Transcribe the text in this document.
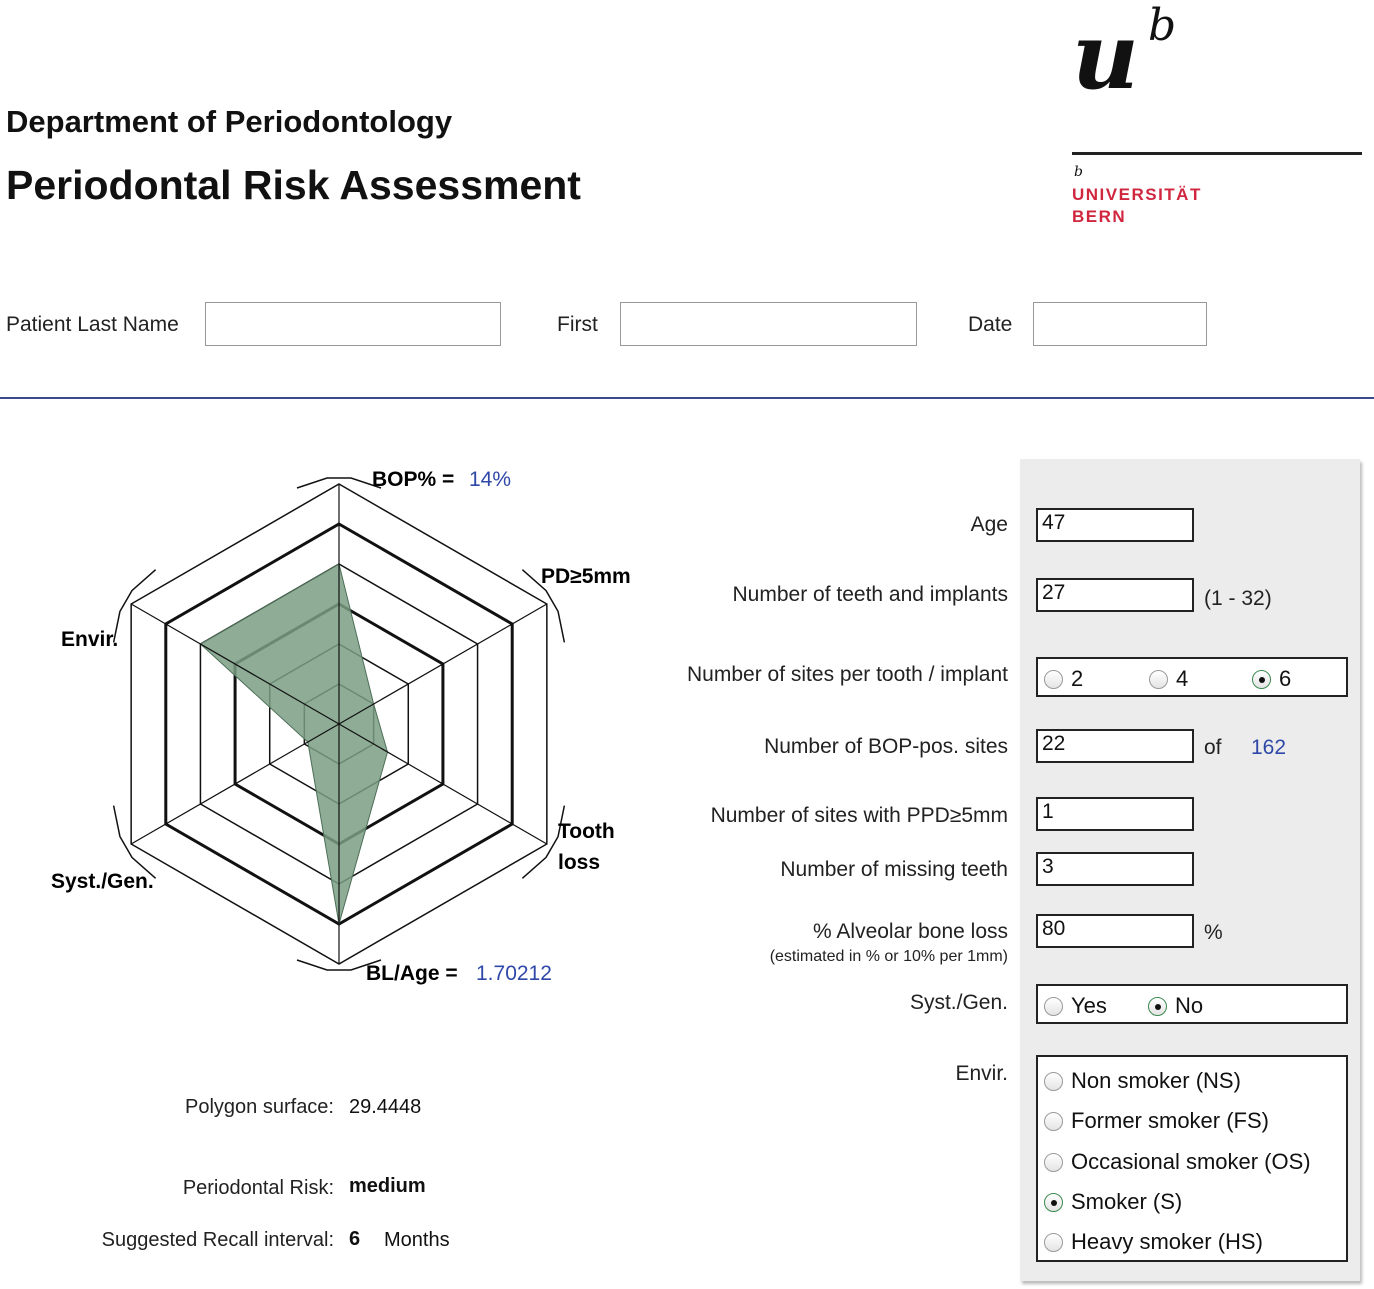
Department of Periodontology
Periodontal Risk Assessment
u b
b
UNIVERSITÄT
BERN
Patient Last Name	First	Date
BOP% = 14%
PD≥5mm
Tooth loss
BL/Age = 1.70212
Syst./Gen.
Envir.
Polygon surface: 29.4448
Periodontal Risk: medium
Suggested Recall interval: 6 Months
Age 47
Number of teeth and implants 27	(1 - 32)
Number of sites per tooth / implant	2	4	6
Number of BOP-pos. sites 22	of 162
Number of sites with PPD≥5mm 1
Number of missing teeth 3
% Alveolar bone loss
(estimated in % or 10% per 1mm)
80	%
Syst./Gen.	Yes	No
Envir.	Non smoker (NS)
Former smoker (FS)
Occasional smoker (OS)
Smoker (S)
Heavy smoker (HS)
